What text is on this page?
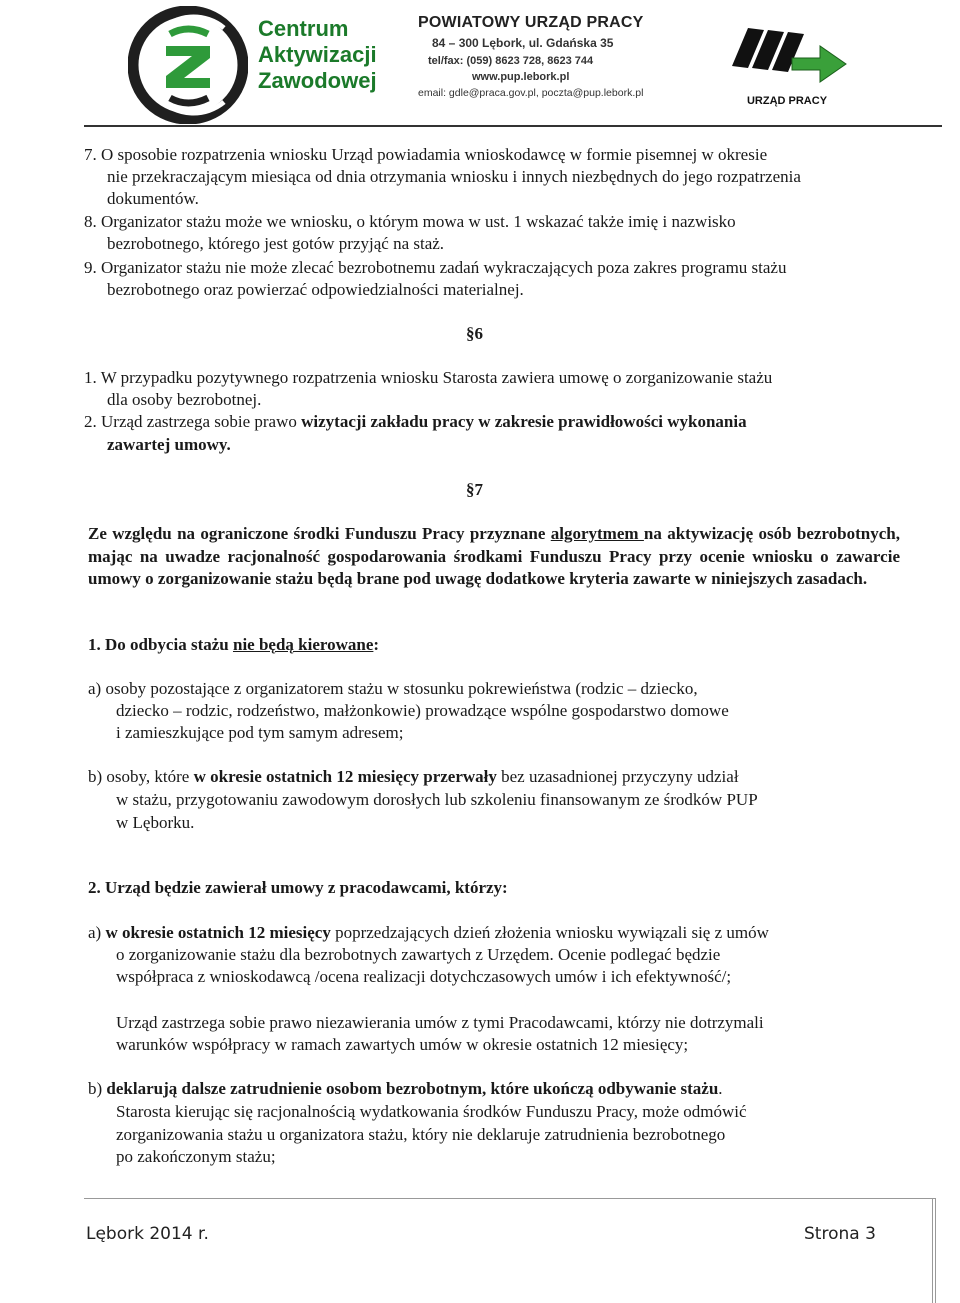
Centrum
Aktywizacji
Zawodowej
POWIATOWY URZĄD PRACY
84 – 300 Lębork, ul. Gdańska 35
tel/fax: (059) 8623 728, 8623 744
www.pup.lebork.pl
email: gdle@praca.gov.pl, poczta@pup.lebork.pl
URZĄD PRACY
7. O sposobie rozpatrzenia wniosku Urząd powiadamia wnioskodawcę w formie pisemnej w okresie
nie przekraczającym miesiąca od dnia otrzymania wniosku i innych niezbędnych do jego rozpatrzenia
dokumentów.
8. Organizator stażu może we wniosku, o którym mowa w ust. 1 wskazać także imię i nazwisko
bezrobotnego, którego jest gotów przyjąć na staż.
9. Organizator stażu nie może zlecać bezrobotnemu zadań wykraczających poza zakres programu stażu
bezrobotnego oraz powierzać odpowiedzialności materialnej.
§6
1. W przypadku pozytywnego rozpatrzenia wniosku Starosta zawiera umowę o zorganizowanie stażu
dla osoby bezrobotnej.
2. Urząd zastrzega sobie prawo wizytacji zakładu pracy w zakresie prawidłowości wykonania
zawartej umowy.
§7
Ze względu na ograniczone środki Funduszu Pracy przyznane algorytmem na aktywizację osób bezrobotnych, mając na uwadze racjonalność gospodarowania środkami Funduszu Pracy przy ocenie wniosku o zawarcie umowy o zorganizowanie stażu będą brane pod uwagę dodatkowe kryteria zawarte w niniejszych zasadach.
1. Do odbycia stażu nie będą kierowane:
a) osoby pozostające z organizatorem stażu w stosunku pokrewieństwa (rodzic – dziecko,
dziecko – rodzic, rodzeństwo, małżonkowie) prowadzące wspólne gospodarstwo domowe
i zamieszkujące pod tym samym adresem;
b) osoby, które w okresie ostatnich 12 miesięcy przerwały bez uzasadnionej przyczyny udział
w stażu, przygotowaniu zawodowym dorosłych lub szkoleniu finansowanym ze środków PUP
w Lęborku.
2. Urząd będzie zawierał umowy z pracodawcami, którzy:
a) w okresie ostatnich 12 miesięcy poprzedzających dzień złożenia wniosku wywiązali się z umów
o zorganizowanie stażu dla bezrobotnych zawartych z Urzędem. Ocenie podlegać będzie
współpraca z wnioskodawcą /ocena realizacji dotychczasowych umów i ich efektywność/;
Urząd zastrzega sobie prawo niezawierania umów z tymi Pracodawcami, którzy nie dotrzymali
warunków współpracy w ramach zawartych umów w okresie ostatnich 12 miesięcy;
b) deklarują dalsze zatrudnienie osobom bezrobotnym, które ukończą odbywanie stażu.
Starosta kierując się racjonalnością wydatkowania środków Funduszu Pracy, może odmówić
zorganizowania stażu u organizatora stażu, który nie deklaruje zatrudnienia bezrobotnego
po zakończonym stażu;
Lębork 2014 r.	Strona 3
